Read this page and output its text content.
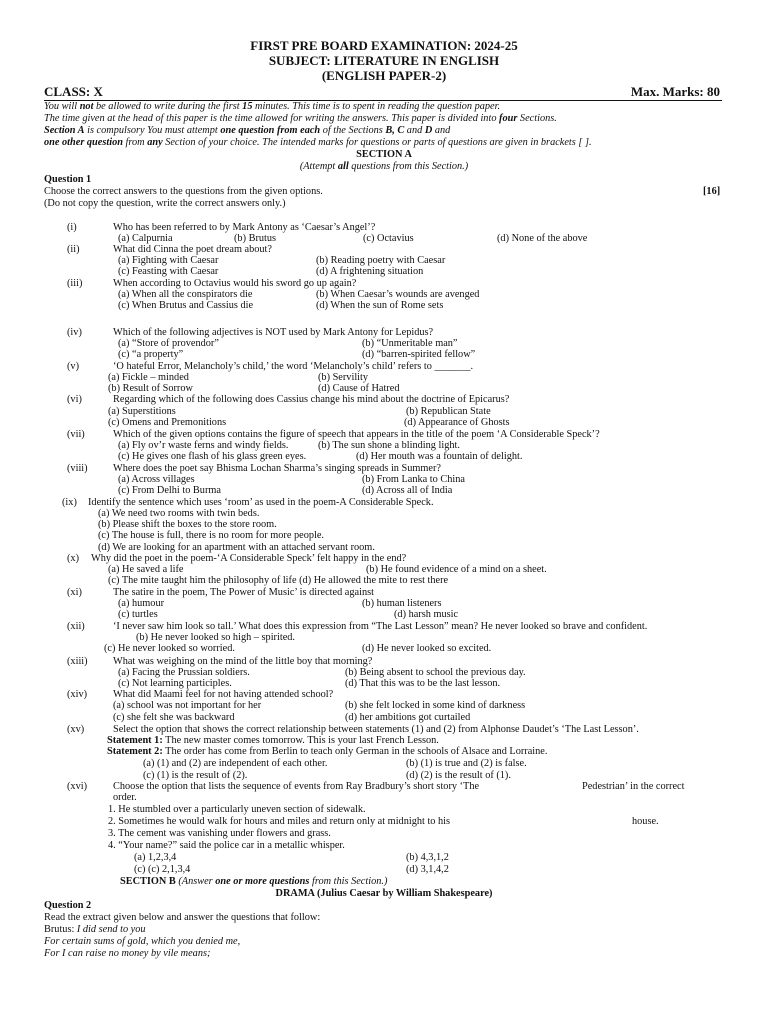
FIRST PRE BOARD EXAMINATION: 2024-25
SUBJECT: LITERATURE IN ENGLISH
(ENGLISH PAPER-2)
CLASS: X	Max. Marks: 80
You will not be allowed to write during the first 15 minutes. This time is to spent in reading the question paper.
The time given at the head of this paper is the time allowed for writing the answers. This paper is divided into four Sections.
Section A is compulsory You must attempt one question from each of the Sections B, C and D and
one other question from any Section of your choice. The intended marks for questions or parts of questions are given in brackets [ ].
SECTION A
(Attempt all questions from this Section.)
Question 1
Choose the correct answers to the questions from the given options.	[16]
(Do not copy the question, write the correct answers only.)
(i)	Who has been referred to by Mark Antony as ‘Caesar’s Angel’?
(a) Calpurnia	(b) Brutus	(c) Octavius	(d) None of the above
(ii)	What did Cinna the poet dream about?
(a) Fighting with Caesar	(b) Reading poetry with Caesar
(c) Feasting with Caesar	(d) A frightening situation
(iii)	When according to Octavius would his sword go up again?
(a) When all the conspirators die	(b) When Caesar’s wounds are avenged
(c) When Brutus and Cassius die	(d) When the sun of Rome sets
(iv)	Which of the following adjectives is NOT used by Mark Antony for Lepidus?
(a) “Store of provendor”	(b) “Unmeritable man”
(c) “a property”	(d) “barren-spirited fellow”
(v)	‘O hateful Error, Melancholy’s child,’ the word ‘Melancholy’s child’ refers to _______.
(a) Fickle – minded	(b) Servility
(b) Result of Sorrow	(d) Cause of Hatred
(vi)	Regarding which of the following does Cassius change his mind about the doctrine of Epicarus?
(a) Superstitions	(b) Republican State
(c) Omens and Premonitions	(d) Appearance of Ghosts
(vii)	Which of the given options contains the figure of speech that appears in the title of the poem ‘A Considerable Speck’?
(a) Fly ov’r waste ferns and windy fields.	(b) The sun shone a blinding light.
(c) He gives one flash of his glass green eyes.	(d) Her mouth was a fountain of delight.
(viii) Where does the poet say Bhisma Lochan Sharma’s singing spreads in Summer?
(a) Across villages	(b) From Lanka to China
(c) From Delhi to Burma	(d) Across all of India
(ix) Identify the sentence which uses ‘room’ as used in the poem-A Considerable Speck.
(a) We need two rooms with twin beds.
(b) Please shift the boxes to the store room.
(c) The house is full, there is no room for more people.
(d) We are looking for an apartment with an attached servant room.
(x) Why did the poet in the poem-‘A Considerable Speck’ felt happy in the end?
(a) He saved a life	(b) He found evidence of a mind on a sheet.
(c) The mite taught him the philosophy of life (d) He allowed the mite to rest there
(xi)	The satire in the poem, The Power of Music’ is directed against
(a) humour	(b) human listeners
(c) turtles	(d) harsh music
(xii)	‘I never saw him look so tall.’ What does this expression from “The Last Lesson” mean? He never looked so brave and confident.
(b) He never looked so high – spirited.
(c) He never looked so worried.	(d) He never looked so excited.
(xiii) What was weighing on the mind of the little boy that morning?
(a) Facing the Prussian soldiers.	(b) Being absent to school the previous day.
(c) Not learning participles.	(d) That this was to be the last lesson.
(xiv)	What did Maami feel for not having attended school?
(a) school was not important for her	(b) she felt locked in some kind of darkness
(c) she felt she was backward	(d) her ambitions got curtailed
(xv)	Select the option that shows the correct relationship between statements (1) and (2) from Alphonse Daudet’s ‘The Last Lesson’.
Statement 1: The new master comes tomorrow. This is your last French Lesson.
Statement 2: The order has come from Berlin to teach only German in the schools of Alsace and Lorraine.
(a) (1) and (2) are independent of each other.	(b) (1) is true and (2) is false.
(c) (1) is the result of (2).	(d) (2) is the result of (1).
(xvi)	Choose the option that lists the sequence of events from Ray Bradbury’s short story ‘The	Pedestrian’ in the correct
order.
1. He stumbled over a particularly uneven section of sidewalk.
2. Sometimes he would walk for hours and miles and return only at midnight to his	house.
3. The cement was vanishing under flowers and grass.
4. “Your name?” said the police car in a metallic whisper.
(a) 1,2,3,4	(b) 4,3,1,2
(c) (c) 2,1,3,4	(d) 3,1,4,2
SECTION B (Answer one or more questions from this Section.)
DRAMA (Julius Caesar by William Shakespeare)
Question 2
Read the extract given below and answer the questions that follow:
Brutus: I did send to you
For certain sums of gold, which you denied me,
For I can raise no money by vile means;
